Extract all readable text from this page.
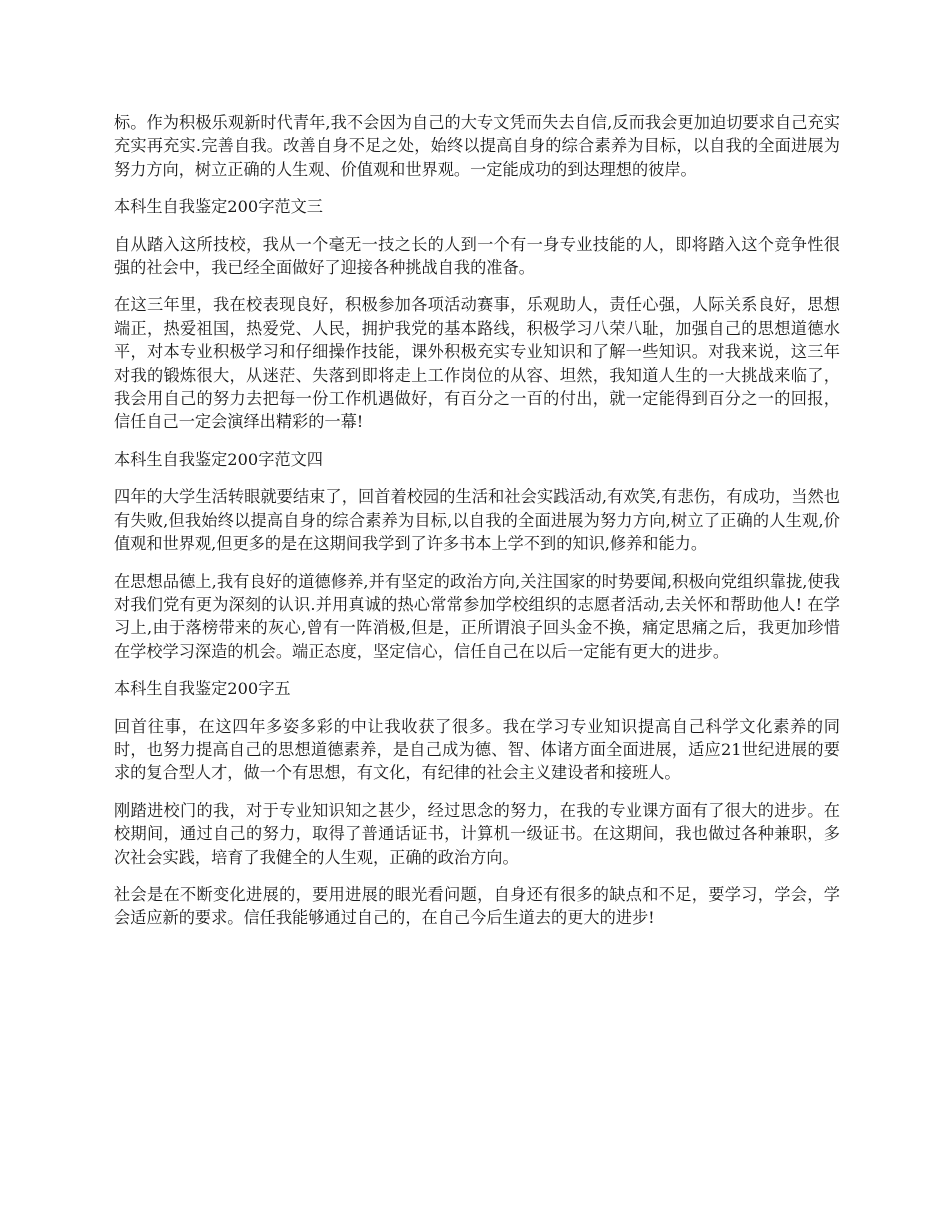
标。作为积极乐观新时代青年,我不会因为自己的大专文凭而失去自信,反而我会更加迫切要求自己充实充实再充实.完善自我。改善自身不足之处，始终以提高自身的综合素养为目标，以自我的全面进展为努力方向，树立正确的人生观、价值观和世界观。一定能成功的到达理想的彼岸。

本科生自我鉴定200字范文三

自从踏入这所技校，我从一个毫无一技之长的人到一个有一身专业技能的人，即将踏入这个竞争性很强的社会中，我已经全面做好了迎接各种挑战自我的准备。

在这三年里，我在校表现良好，积极参加各项活动赛事，乐观助人，责任心强，人际关系良好，思想端正，热爱祖国，热爱党、人民，拥护我党的基本路线，积极学习八荣八耻，加强自己的思想道德水平，对本专业积极学习和仔细操作技能，课外积极充实专业知识和了解一些知识。对我来说，这三年对我的锻炼很大，从迷茫、失落到即将走上工作岗位的从容、坦然，我知道人生的一大挑战来临了，我会用自己的努力去把每一份工作机遇做好，有百分之一百的付出，就一定能得到百分之一的回报，信任自己一定会演绎出精彩的一幕!

本科生自我鉴定200字范文四

四年的大学生活转眼就要结束了，回首着校园的生活和社会实践活动,有欢笑,有悲伤，有成功，当然也有失败,但我始终以提高自身的综合素养为目标,以自我的全面进展为努力方向,树立了正确的人生观,价值观和世界观,但更多的是在这期间我学到了许多书本上学不到的知识,修养和能力。

在思想品德上,我有良好的道德修养,并有坚定的政治方向,关注国家的时势要闻,积极向党组织靠拢,使我对我们党有更为深刻的认识.并用真诚的热心常常参加学校组织的志愿者活动,去关怀和帮助他人! 在学习上,由于落榜带来的灰心,曾有一阵消极,但是，正所谓浪子回头金不换，痛定思痛之后，我更加珍惜在学校学习深造的机会。端正态度，坚定信心，信任自己在以后一定能有更大的进步。

本科生自我鉴定200字五

回首往事，在这四年多姿多彩的中让我收获了很多。我在学习专业知识提高自己科学文化素养的同时，也努力提高自己的思想道德素养，是自己成为德、智、体诸方面全面进展，适应21世纪进展的要求的复合型人才，做一个有思想，有文化，有纪律的社会主义建设者和接班人。

刚踏进校门的我，对于专业知识知之甚少，经过思念的努力，在我的专业课方面有了很大的进步。在校期间，通过自己的努力，取得了普通话证书，计算机一级证书。在这期间，我也做过各种兼职，多次社会实践，培育了我健全的人生观，正确的政治方向。

社会是在不断变化进展的，要用进展的眼光看问题，自身还有很多的缺点和不足，要学习，学会，学会适应新的要求。信任我能够通过自己的，在自己今后生道去的更大的进步!
